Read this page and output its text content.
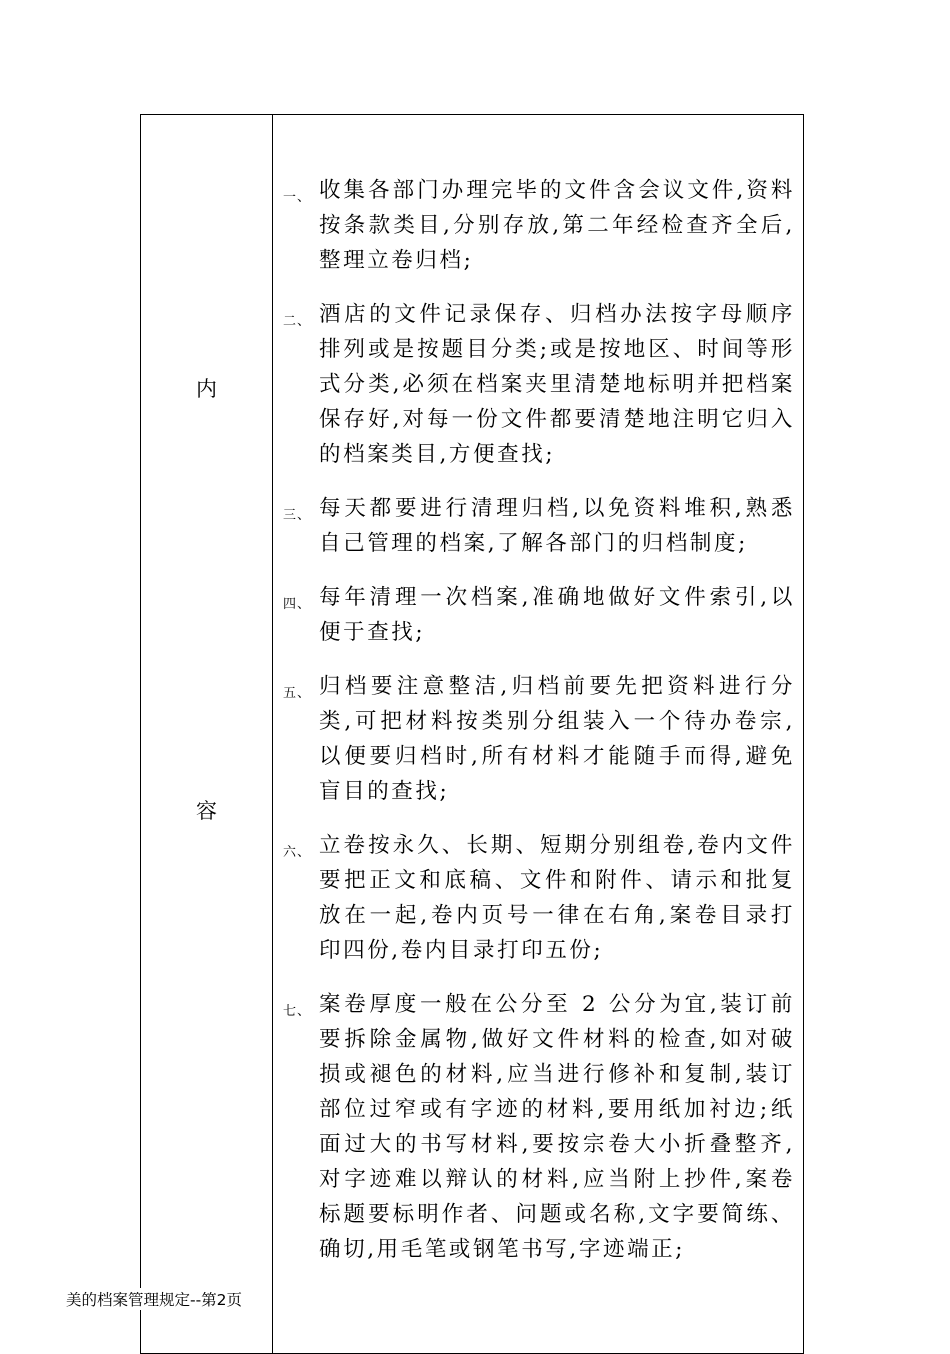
内
容
一、 收集各部门办理完毕的文件含会议文件,资料按条款类目,分别存放,第二年经检查齐全后,整理立卷归档;
二、 酒店的文件记录保存、归档办法按字母顺序排列或是按题目分类;或是按地区、时间等形式分类,必须在档案夹里清楚地标明并把档案保存好,对每一份文件都要清楚地注明它归入的档案类目,方便查找;
三、 每天都要进行清理归档,以免资料堆积,熟悉自己管理的档案,了解各部门的归档制度;
四、 每年清理一次档案,准确地做好文件索引,以便于查找;
五、 归档要注意整洁,归档前要先把资料进行分类,可把材料按类别分组装入一个待办卷宗,以便要归档时,所有材料才能随手而得,避免盲目的查找;
六、 立卷按永久、长期、短期分别组卷,卷内文件要把正文和底稿、文件和附件、请示和批复放在一起,卷内页号一律在右角,案卷目录打印四份,卷内目录打印五份;
七、 案卷厚度一般在公分至 2 公分为宜,装订前要拆除金属物,做好文件材料的检查,如对破损或褪色的材料,应当进行修补和复制,装订部位过窄或有字迹的材料,要用纸加衬边;纸面过大的书写材料,要按宗卷大小折叠整齐,对字迹难以辩认的材料,应当附上抄件,案卷标题要标明作者、问题或名称,文字要简练、确切,用毛笔或钢笔书写,字迹端正;
美的档案管理规定--第2页
